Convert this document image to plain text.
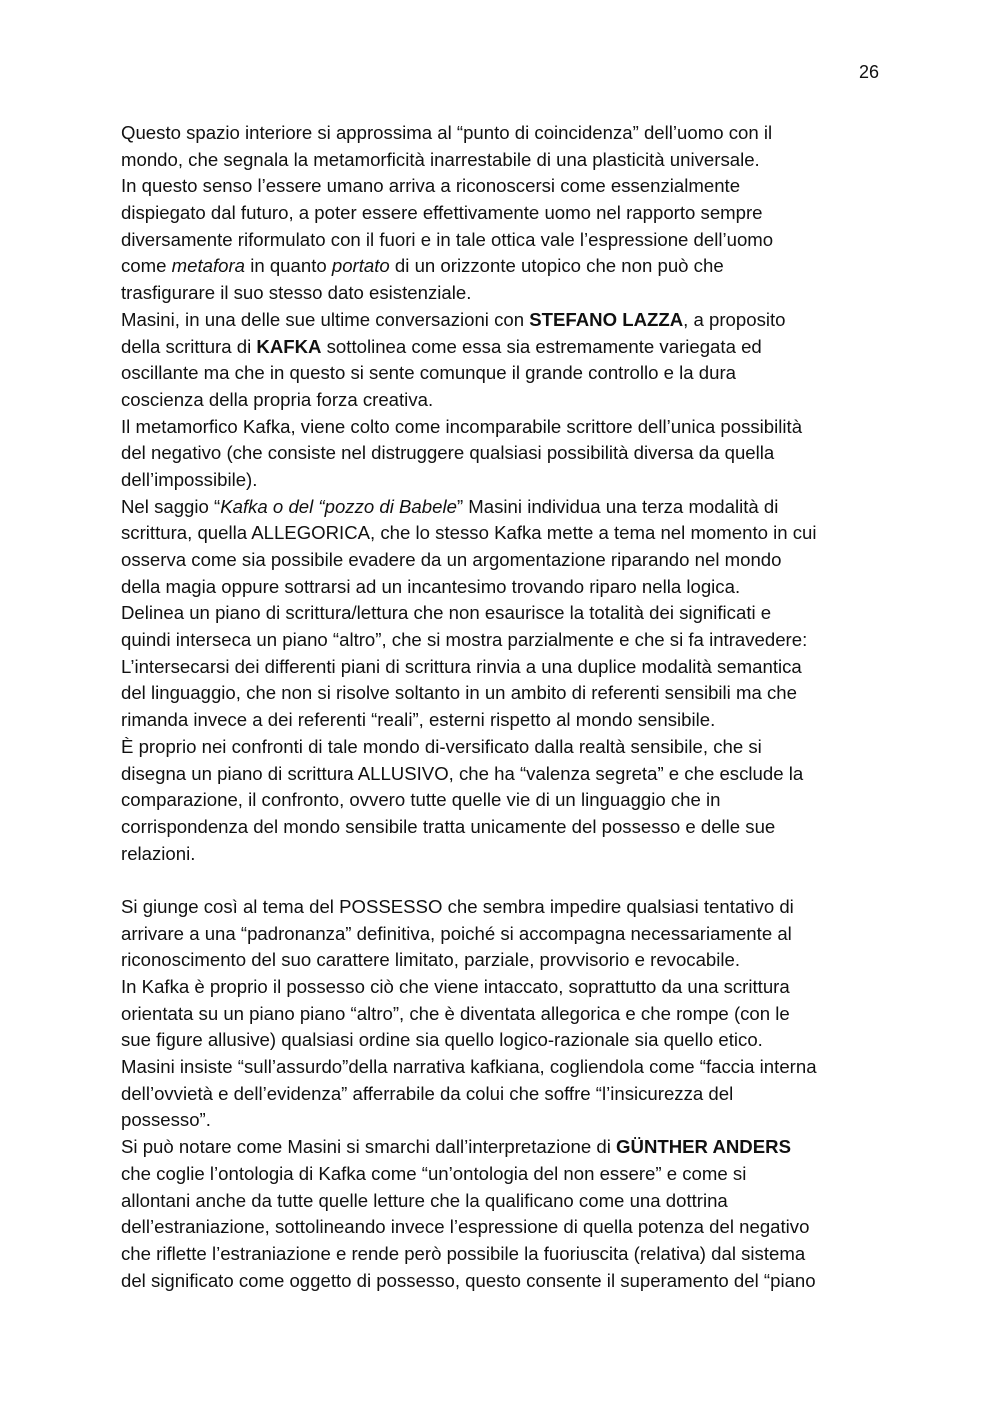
26
Questo spazio interiore si approssima al “punto di coincidenza” dell’uomo con il
mondo, che segnala la metamorficità inarrestabile di una plasticità universale.
In questo senso l’essere umano arriva a riconoscersi come essenzialmente
dispiegato dal futuro, a poter essere effettivamente uomo nel rapporto sempre
diversamente riformulato con il fuori e in tale ottica vale l’espressione dell’uomo
come metafora in quanto portato di un orizzonte utopico che non può che
trasfigurare il suo stesso dato esistenziale.
Masini, in una delle sue ultime conversazioni con STEFANO LAZZA, a proposito
della scrittura di KAFKA sottolinea come essa sia estremamente variegata ed
oscillante ma che in questo si sente comunque il grande controllo e la dura
coscienza della propria forza creativa.
Il metamorfico Kafka, viene colto come incomparabile scrittore dell’unica possibilità
del negativo (che consiste nel distruggere qualsiasi possibilità diversa da quella
dell’impossibile).
Nel saggio “Kafka o del “pozzo di Babele” Masini individua una terza modalità di
scrittura, quella ALLEGORICA, che lo stesso Kafka mette a tema nel momento in cui
osserva come sia possibile evadere da un argomentazione riparando nel mondo
della magia oppure sottrarsi ad un incantesimo trovando riparo nella logica.
Delinea un piano di scrittura/lettura che non esaurisce la totalità dei significati e
quindi interseca un piano “altro”, che si mostra parzialmente e che si fa intravedere:
L’intersecarsi dei differenti piani di scrittura rinvia a una duplice modalità semantica
del linguaggio, che non si risolve soltanto in un ambito di referenti sensibili ma che
rimanda invece a dei referenti “reali”, esterni rispetto al mondo sensibile.
È proprio nei confronti di tale mondo di-versificato dalla realtà sensibile, che si
disegna un piano di scrittura ALLUSIVO, che ha “valenza segreta” e che esclude la
comparazione, il confronto, ovvero tutte quelle vie di un linguaggio che in
corrispondenza del mondo sensibile tratta unicamente del possesso e delle sue
relazioni.
Si giunge così al tema del POSSESSO che sembra impedire qualsiasi tentativo di
arrivare a una “padronanza” definitiva, poiché si accompagna necessariamente al
riconoscimento del suo carattere limitato, parziale, provvisorio e revocabile.
In Kafka è proprio il possesso ciò che viene intaccato, soprattutto da una scrittura
orientata su un piano piano “altro”, che è diventata allegorica e che rompe (con le
sue figure allusive) qualsiasi ordine sia quello logico-razionale sia quello etico.
Masini insiste “sull’assurdo”della narrativa kafkiana, cogliendola come “faccia interna
dell’ovvietà e dell’evidenza” afferrabile da colui che soffre “l’insicurezza del
possesso”.
Si può notare come Masini si smarchi dall’interpretazione di GÜNTHER ANDERS
che coglie l’ontologia di Kafka come “un’ontologia del non essere” e come si
allontani anche da tutte quelle letture che la qualificano come una dottrina
dell’estraniazione, sottolineando invece l’espressione di quella potenza del negativo
che riflette l’estraniazione e rende però possibile la fuoriuscita (relativa) dal sistema
del significato come oggetto di possesso, questo consente il superamento del “piano
